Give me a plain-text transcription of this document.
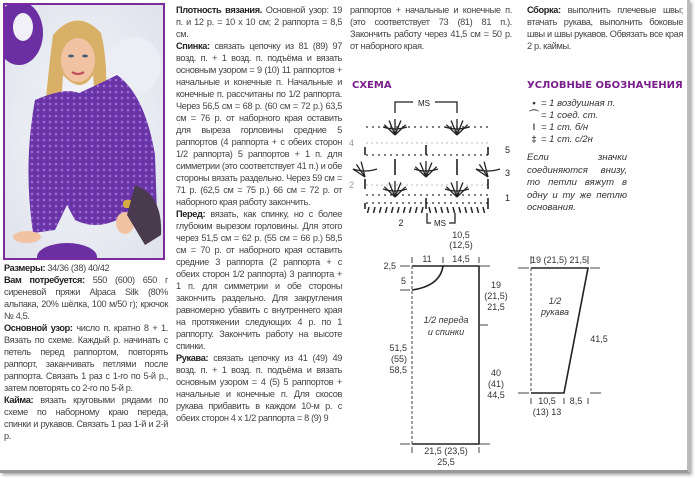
Размеры: 34/36 (38) 40/42

Вам потребуется: 550 (600) 650 г сиреневой пряжи Alpaca Silk (80% альпака, 20% шёлка, 100 м/50 г); крючок № 4,5.

Основной узор: число п. кратно 8 + 1. Вязать по схеме. Каждый р. начинать с петель перед раппортом, повторять раппорт, заканчивать петлями после раппорта. Связать 1 раз с 1-го по 5-й р., затем повторять со 2-го по 5-й р.

Кайма: вязать круговыми рядами по схеме по наборному краю переда, спинки и рукавов. Связать 1 раз 1-й и 2-й р.

Плотность вязания. Основной узор: 19 п. и 12 р. = 10 х 10 см; 2 раппорта = 8,5 см.

Спинка: связать цепочку из 81 (89) 97 возд. п. + 1 возд. п. подъёма и вязать основным узором = 9 (10) 11 раппортов + начальные и конечные п. Начальные и конечные п. рассчитаны по 1/2 раппорта. Через 56,5 см = 68 р. (60 см = 72 р.) 63,5 см = 76 р. от наборного края оставить для выреза горловины средние 5 раппортов (4 раппорта + с обеих сторон 1/2 раппорта) 5 раппортов + 1 п. для симметрии (это соответствует 41 п.) и обе стороны вязать раздельно. Через 59 см = 71 р. (62,5 см = 75 р.) 66 см = 72 р. от наборного края работу закончить.

Перед: вязать, как спинку, но с более глубоким вырезом горловины. Для этого через 51,5 см = 62 р. (55 см = 66 р.) 58,5 см = 70 р. от наборного края оставить средние 3 раппорта (2 раппорта + с обеих сторон 1/2 раппорта) 3 раппорта + 1 п. для симметрии и обе стороны закончить раздельно. Для закругления равномерно убавить с внутреннего края на протяжении следующих 4 р. по 1 раппорту. Закончить работу на высоте спинки.

Рукава: связать цепочку из 41 (49) 49 возд. п. + 1 возд. п. подъёма и вязать основным узором = 4 (5) 5 раппортов + начальные и конечные п. Для скосов рукава прибавить в каждом 10-м р. с обеих сторон 4 х 1/2 раппорта = 8 (9) 9

раппортов + начальные и конечные п. (это соответствует 73 (81) 81 п.). Закончить работу через 41,5 см = 50 р. от наборного края.

Сборка: выполнить плечевые швы; втачать рукава, выполнить боковые швы и швы рукавов. Обвязать все края 2 р. каймы.

СХЕМА
MS
MS
5
3
1
4
2
2
УСЛОВНЫЕ ОБОЗНАЧЕНИЯ
• = 1 воздушная п.
⌒ = 1 соед. ст.
ǀ = 1 ст. б/н
‡ = 1 ст. с/2н
Если значки соединяются внизу, то петли вяжут в одну и ту же петлю основания.
11
10,5
(12,5)
14,5
2,5
5	19
(21,5)
21,5
1/2 переда
и спинки
51,5
(55)
58,5	40
(41)
44,5
21,5 (23,5)
25,5
19 (21,5) 21,5
1/2
рукава
41,5
10,5
(13) 13
8,5
